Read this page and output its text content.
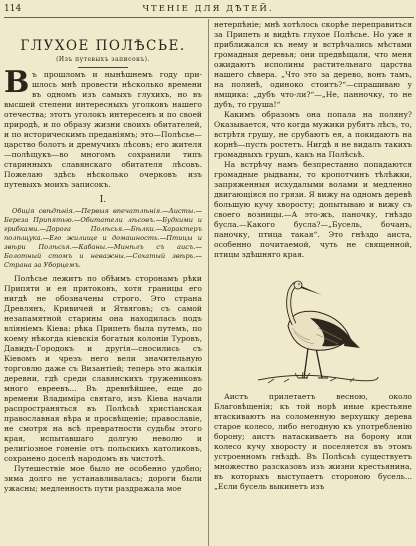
114	ЧТЕНІЕ ДЛЯ ДѢТЕЙ.
ГЛУХОЕ ПОЛѢСЬЕ.
(Изъ путевыхъ записокъ).

В ъ прошломъ и нынѣшнемъ году при-шлось мнѣ провести нѣсколько времени въ одномъ изъ самыхъ глухихъ, но въ высшей степени интересныхъ уголковъ нашего отечества; этотъ уголокъ интересенъ и по своей природѣ, и по образу жизни своихъ обитателей, и по историческимъ преданіямъ; это—Полѣсье—царство болотъ и дремучихъ лѣсовъ; его жителя—полѣщукъ—во многомъ сохранили типъ старинныхъ славянскаго обитателя лѣсовъ. Пожелаю здѣсь нѣсколько очерковъ изъ путевыхъ моихъ записокъ.

I.

Общія свѣдѣнія.—Первыя впечатлѣнія.—Аисты.—Береза Припятью.—Обитатели лѣсовъ.—Будкими и грибками.—Дорога Полѣсья.—Бѣлки.—Характеръ полѣщука.—Его жилище и домашность.—Птицы и звѣри Полѣсья.—Кабаны.—Минѣлъ съ аисъ.—Болотный стомъ и неважны.—Сохатый звѣрь.—Страна за Уборцемъ.

Полѣсье лежитъ по обѣимъ сторонамъ рѣки Припяти и ея притоковъ, хотя границы его нигдѣ не обозначены строго. Это страна Древлянъ, Кривичей и Ятвяговъ; съ самой незапамятной старины она находилась подъ вліяніемъ Кіева: рѣка Припеть была путемъ, по коему нѣкогда кіевскія богатыя колоніи Туровъ, Давидъ-Городокъ и другія—сносились съ Кіевомъ и чрезъ него вели значительную торговлю даже съ Византіей; теперь это жалкія деревни, гдѣ среди славянскихъ тружениковъ много евреевъ... Въ древнѣйшее, еще до времени Владиміра святаго, изъ Кіева начали распространяться въ Полѣсьѣ христіанская православная вѣра и просвѣщеніе; православіе, не смотря на всѣ превратности судьбы этого края, испытавшаго долгую неволю и религіозное гоненіе отъ польскихъ католиковъ, сохранено доселѣ народомъ въ чистотѣ.

Путешествіе мое было не особенно удобно; зима долго не устанавливалась; дороги были ужасны; медленность пути раздражала мое

нетерпѣніе; мнѣ хотѣлось скорѣе переправиться за Припеть и видѣть глухое Полѣсье. Но уже я приближался къ нему и встрѣчались мѣстами громадныя деревья; они предвѣщали, что меня ожидаютъ исполины растительнаго царства нашего сѣвера. „Что это за дерево, вонъ тамъ, на полянѣ, одиноко стоитъ?“—спрашиваю у ямщика: „дубъ что-ли?“—„Не, панночку, то не дубъ, то груша!“

Какимъ образомъ она попала на поляну? Оказывается, что когда мужики рубятъ лѣсъ, то, встрѣтя грушу, не срубаютъ ея, а покидаютъ на корнѣ—пусть ростетъ. Нигдѣ я не видалъ такихъ громадныхъ грушъ, какъ на Полѣсьѣ.

На встрѣчу намъ безпрестанно попадаются громадные рыдваны, то кропотчинъ тѣлѣжки, запряженныя исхудалыми волами и медленно двигающіяся по грязи. Я вижу на одномъ деревѣ большую кучу хворосту; допытываю и вижу съ своего возницы.—А это-жъ, паночку, гнѣздо бусла.—Какого бусла?—„Бусель, бочанъ, паночку, птица такая“. Это гнѣздо аиста, особенно почитаемой, чуть не священной, птицы здѣшняго края.

Аистъ прилетаетъ весною, около Благовѣщенія; къ той норѣ иные крестьяне втаскиваютъ на соломенную верхушку дерева старое колесо, либо негодную къ употребленію борону; аистъ натаскиваетъ на борону или колесо кучу хворосту и поселяется въ этомъ устроенномъ гнѣздѣ. Въ Полѣсьѣ существуетъ множество разсказовъ изъ жизни крестьянина, въ которыхъ выступаетъ стороною бусель... „Если бусель выкинетъ изъ
